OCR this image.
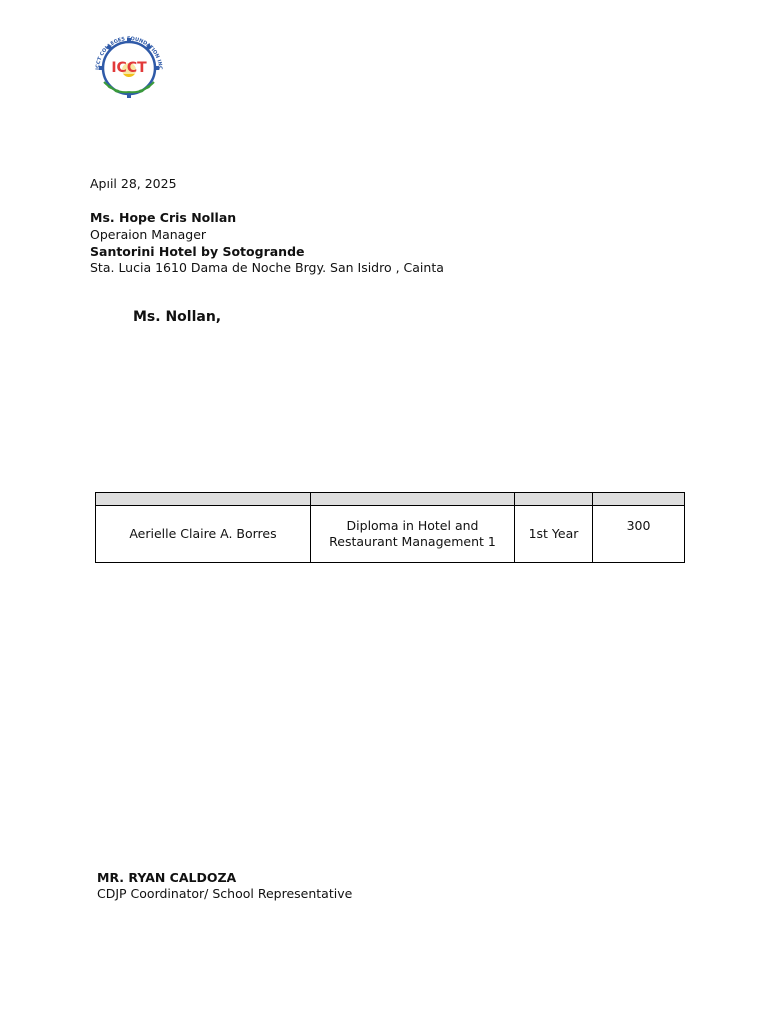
ICCT COLLEGES FOUNDATION INC
ICCT
Apıil 28, 2025
Ms. Hope Cris Nollan
Operaion Manager
Santorini Hotel by Sotogrande
Sta. Lucia 1610 Dama de Noche Brgy. San Isidro , Cainta
Ms. Nollan,

Aerielle Claire A. Borres	Diploma in Hotel and Restaurant Management 1	1st Year	300
MR. RYAN CALDOZA
CDJP Coordinator/ School Representative
